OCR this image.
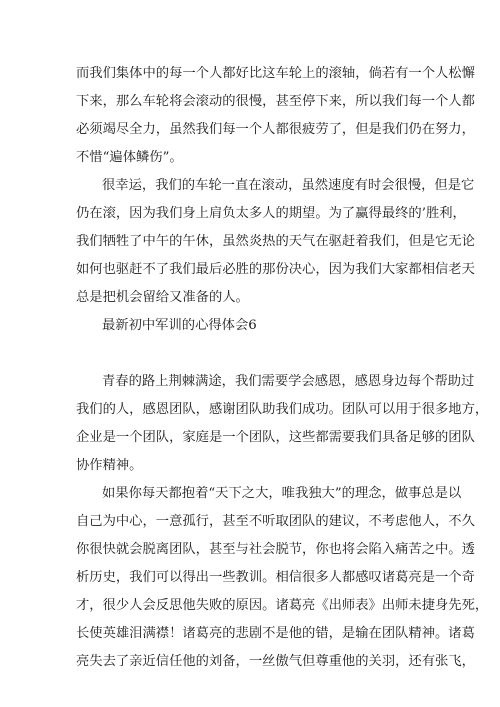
而我们集体中的每一个人都好比这车轮上的滚轴，倘若有一个人松懈
下来，那么车轮将会滚动的很慢，甚至停下来，所以我们每一个人都
必须竭尽全力，虽然我们每一个人都很疲劳了，但是我们仍在努力，
不惜“遍体鳞伤”。
很幸运，我们的车轮一直在滚动，虽然速度有时会很慢，但是它
仍在滚，因为我们身上肩负太多人的期望。为了赢得最终的’胜利，
我们牺牲了中午的午休，虽然炎热的天气在驱赶着我们，但是它无论
如何也驱赶不了我们最后必胜的那份决心，因为我们大家都相信老天
总是把机会留给又准备的人。
最新初中军训的心得体会6
青春的路上荆棘满途，我们需要学会感恩，感恩身边每个帮助过
我们的人，感恩团队，感谢团队助我们成功。团队可以用于很多地方，
企业是一个团队，家庭是一个团队，这些都需要我们具备足够的团队
协作精神。
如果你每天都抱着“天下之大，唯我独大”的理念，做事总是以
自己为中心，一意孤行，甚至不听取团队的建议，不考虑他人，不久
你很快就会脱离团队，甚至与社会脱节，你也将会陷入痛苦之中。透
析历史，我们可以得出一些教训。相信很多人都感叹诸葛亮是一个奇
才，很少人会反思他失败的原因。诸葛亮《出师表》出师未捷身先死，
长使英雄泪满襟！诸葛亮的悲剧不是他的错，是输在团队精神。诸葛
亮失去了亲近信任他的刘备，一丝傲气但尊重他的关羽，还有张飞，
